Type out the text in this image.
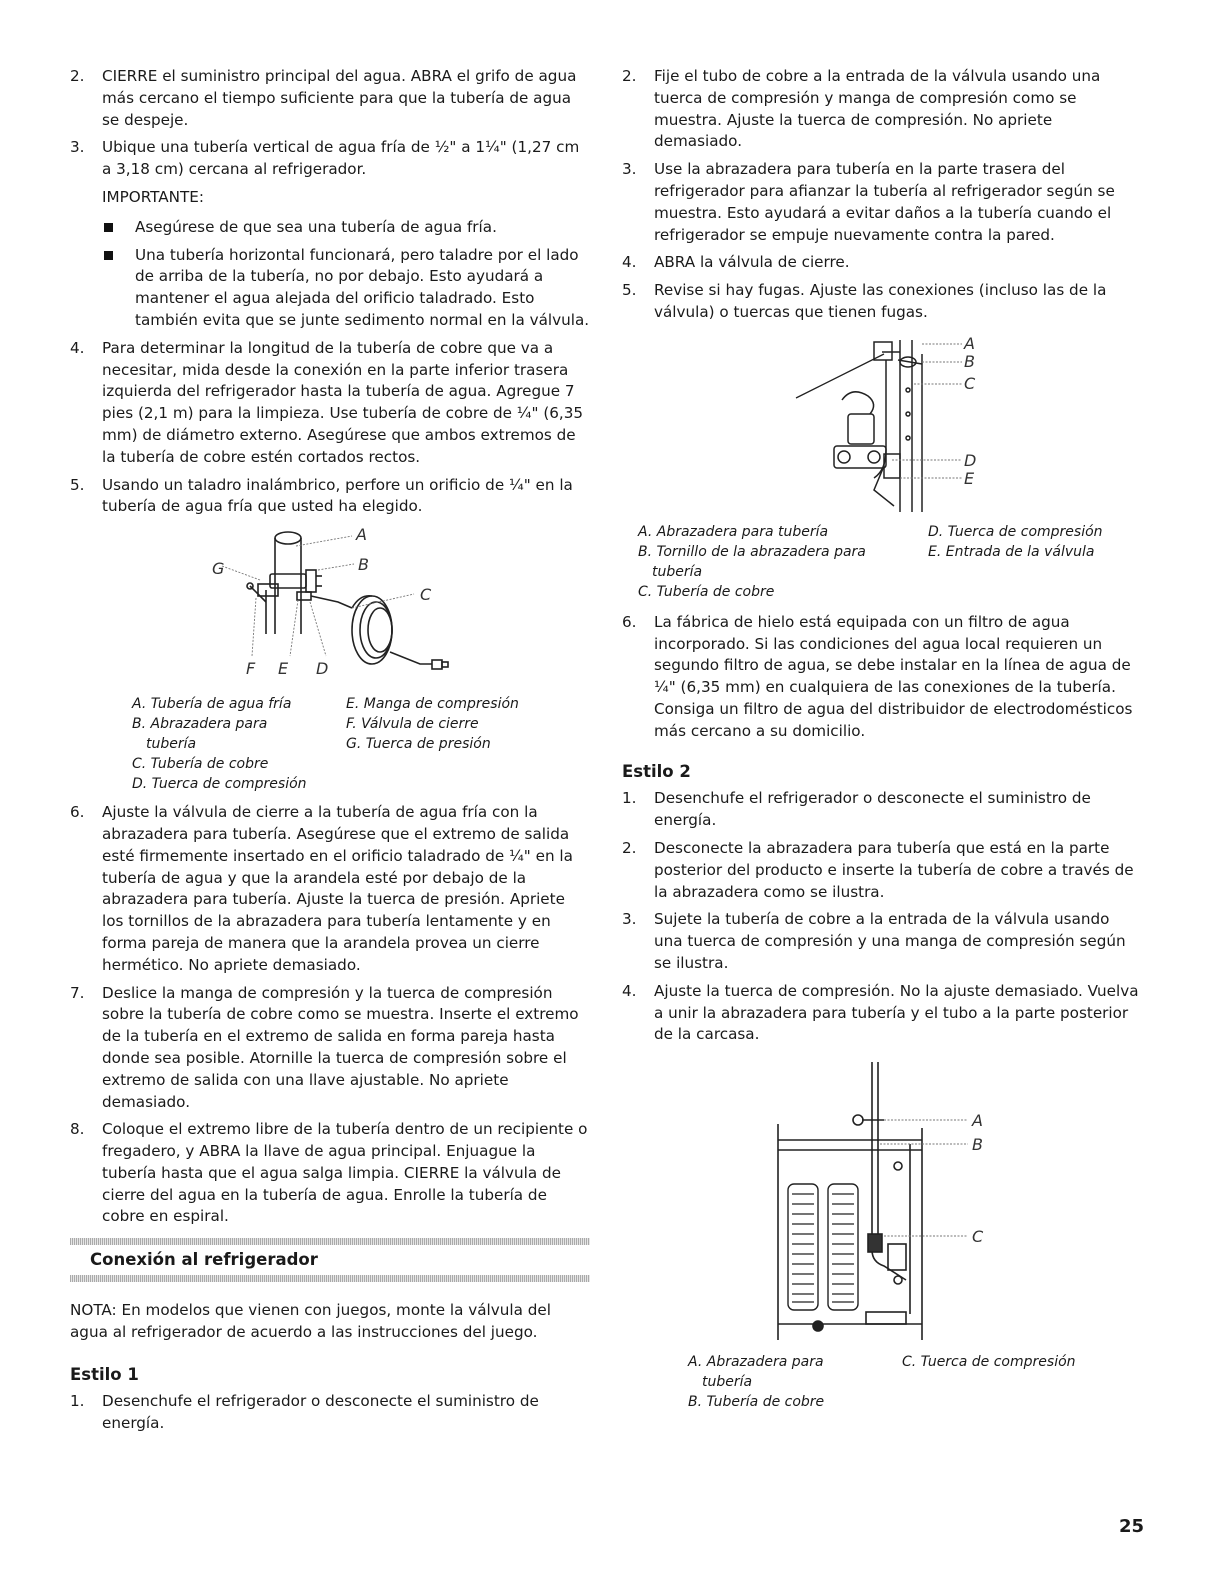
2.	CIERRE el suministro principal del agua. ABRA el grifo de agua más cercano el tiempo suficiente para que la tubería de agua se despeje.
3.	Ubique una tubería vertical de agua fría de ½" a 1¼" (1,27 cm a 3,18 cm) cercana al refrigerador.
IMPORTANTE:
Asegúrese de que sea una tubería de agua fría.
Una tubería horizontal funcionará, pero taladre por el lado de arriba de la tubería, no por debajo. Esto ayudará a mantener el agua alejada del orificio taladrado. Esto también evita que se junte sedimento normal en la válvula.
4.	Para determinar la longitud de la tubería de cobre que va a necesitar, mida desde la conexión en la parte inferior trasera izquierda del refrigerador hasta la tubería de agua. Agregue 7 pies (2,1 m) para la limpieza. Use tubería de cobre de ¼" (6,35 mm) de diámetro externo. Asegúrese que ambos extremos de la tubería de cobre estén cortados rectos.
5.	Usando un taladro inalámbrico, perfore un orificio de ¼" en la tubería de agua fría que usted ha elegido.
A
B
C
G
F E D
A. Tubería de agua fría
B. Abrazadera para tubería
C. Tubería de cobre
D. Tuerca de compresión
E. Manga de compresión
F. Válvula de cierre
G. Tuerca de presión
6.	Ajuste la válvula de cierre a la tubería de agua fría con la abrazadera para tubería. Asegúrese que el extremo de salida esté firmemente insertado en el orificio taladrado de ¼" en la tubería de agua y que la arandela esté por debajo de la abrazadera para tubería. Ajuste la tuerca de presión. Apriete los tornillos de la abrazadera para tubería lentamente y en forma pareja de manera que la arandela provea un cierre hermético. No apriete demasiado.
7.	Deslice la manga de compresión y la tuerca de compresión sobre la tubería de cobre como se muestra. Inserte el extremo de la tubería en el extremo de salida en forma pareja hasta donde sea posible. Atornille la tuerca de compresión sobre el extremo de salida con una llave ajustable. No apriete demasiado.
8.	Coloque el extremo libre de la tubería dentro de un recipiente o fregadero, y ABRA la llave de agua principal. Enjuague la tubería hasta que el agua salga limpia. CIERRE la válvula de cierre del agua en la tubería de agua. Enrolle la tubería de cobre en espiral.
Conexión al refrigerador

NOTA: En modelos que vienen con juegos, monte la válvula del agua al refrigerador de acuerdo a las instrucciones del juego.

Estilo 1
1.	Desenchufe el refrigerador o desconecte el suministro de energía.
2.	Fije el tubo de cobre a la entrada de la válvula usando una tuerca de compresión y manga de compresión como se muestra. Ajuste la tuerca de compresión. No apriete demasiado.
3.	Use la abrazadera para tubería en la parte trasera del refrigerador para afianzar la tubería al refrigerador según se muestra. Esto ayudará a evitar daños a la tubería cuando el refrigerador se empuje nuevamente contra la pared.
4.	ABRA la válvula de cierre.
5.	Revise si hay fugas. Ajuste las conexiones (incluso las de la válvula) o tuercas que tienen fugas.
A
B
C
D
E
A. Abrazadera para tubería
B. Tornillo de la abrazadera para tubería
C. Tubería de cobre
D. Tuerca de compresión
E. Entrada de la válvula
6.	La fábrica de hielo está equipada con un filtro de agua incorporado. Si las condiciones del agua local requieren un segundo filtro de agua, se debe instalar en la línea de agua de ¼" (6,35 mm) en cualquiera de las conexiones de la tubería. Consiga un filtro de agua del distribuidor de electrodomésticos más cercano a su domicilio.
Estilo 2
1.	Desenchufe el refrigerador o desconecte el suministro de energía.
2.	Desconecte la abrazadera para tubería que está en la parte posterior del producto e inserte la tubería de cobre a través de la abrazadera como se ilustra.
3.	Sujete la tubería de cobre a la entrada de la válvula usando una tuerca de compresión y una manga de compresión según se ilustra.
4.	Ajuste la tuerca de compresión. No la ajuste demasiado. Vuelva a unir la abrazadera para tubería y el tubo a la parte posterior de la carcasa.
A
B
C
A. Abrazadera para tubería
B. Tubería de cobre
C. Tuerca de compresión
25
